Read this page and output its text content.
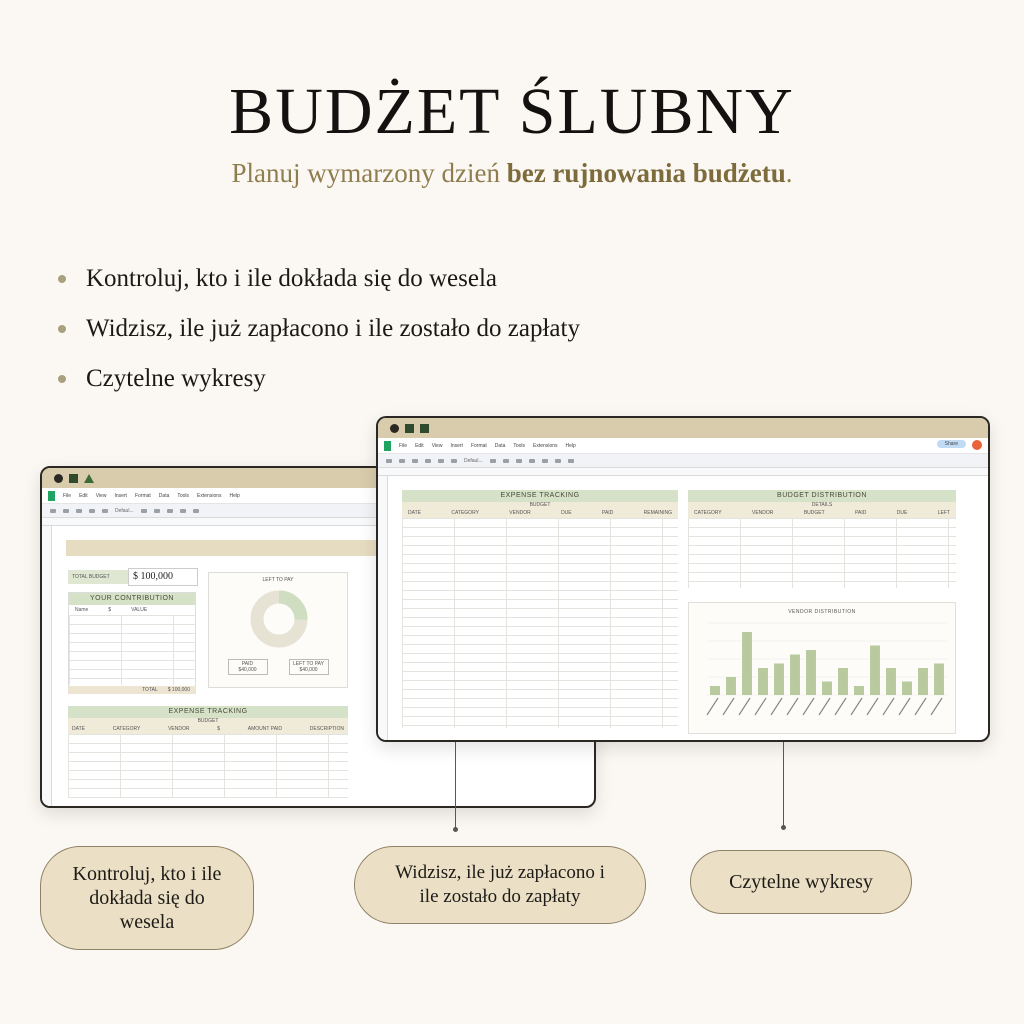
BUDŻET ŚLUBNY
Planuj wymarzony dzień bez rujnowania budżetu.
Kontroluj, kto i ile dokłada się do wesela
Widzisz, ile już zapłacono i ile zostało do zapłaty
Czytelne wykresy
File Edit View Insert Format Data Tools Extensions Help
Defaul...
TOTAL BUDGET	$ 100,000
YOUR CONTRIBUTION
Name	$	VALUE
TOTAL $ 100,000
LEFT TO PAY
PAID
$40,000
LEFT TO PAY
$40,000
EXPENSE TRACKING
BUDGET
DATE	CATEGORY	VENDOR	$	AMOUNT PAID	DESCRIPTION
File Edit View Insert Format Data Tools Extensions Help	Share
Defaul...
EXPENSE TRACKING
BUDGET
DATE	CATEGORY	VENDOR	DUE	PAID	REMAINING
BUDGET DISTRIBUTION
DETAILS
CATEGORY	VENDOR	BUDGET	PAID	DUE	LEFT
VENDOR DISTRIBUTION
Kontroluj, kto i ile dokłada się do wesela
Widzisz, ile już zapłacono i ile zostało do zapłaty
Czytelne wykresy
